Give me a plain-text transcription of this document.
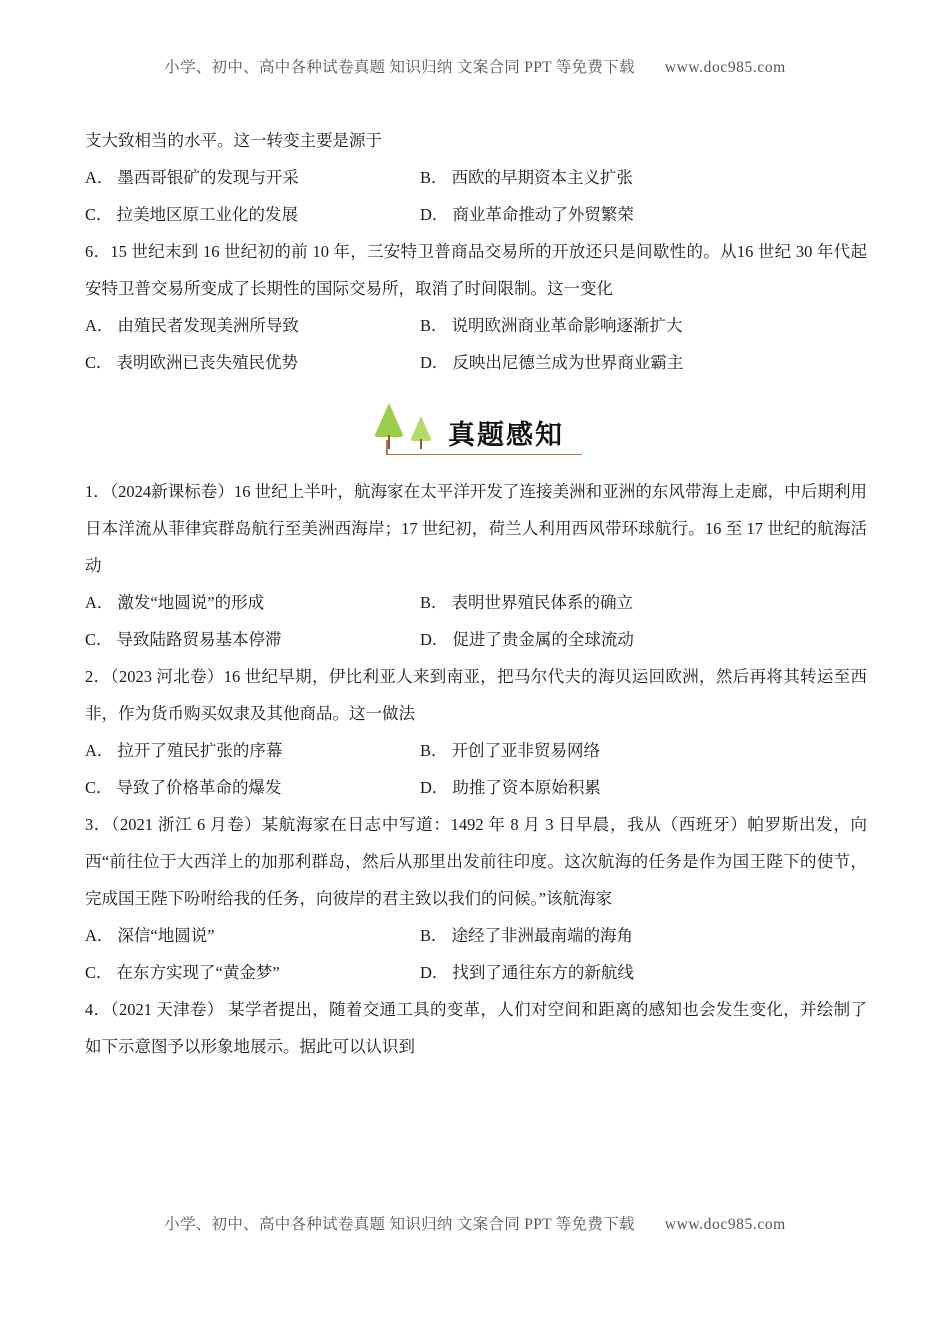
小学、初中、高中各种试卷真题 知识归纳 文案合同 PPT 等免费下载 www.doc985.com

支大致相当的水平。这一转变主要是源于

A． 墨西哥银矿的发现与开采	B． 西欧的早期资本主义扩张
C． 拉美地区原工业化的发展	D． 商业革命推动了外贸繁荣

6．15 世纪末到 16 世纪初的前 10 年，三安特卫普商品交易所的开放还只是间歇性的。从16 世纪 30 年代起安特卫普交易所变成了长期性的国际交易所，取消了时间限制。这一变化

A． 由殖民者发现美洲所导致	B． 说明欧洲商业革命影响逐渐扩大
C． 表明欧洲已丧失殖民优势	D． 反映出尼德兰成为世界商业霸主
真题感知

1．（2024新课标卷）16 世纪上半叶，航海家在太平洋开发了连接美洲和亚洲的东风带海上走廊，中后期利用日本洋流从菲律宾群岛航行至美洲西海岸；17 世纪初，荷兰人利用西风带环球航行。16 至 17 世纪的航海活动

A． 激发“地圆说”的形成	B． 表明世界殖民体系的确立
C． 导致陆路贸易基本停滞	D． 促进了贵金属的全球流动

2．（2023 河北卷）16 世纪早期，伊比利亚人来到南亚，把马尔代夫的海贝运回欧洲，然后再将其转运至西非，作为货币购买奴隶及其他商品。这一做法

A． 拉开了殖民扩张的序幕	B． 开创了亚非贸易网络
C． 导致了价格革命的爆发	D． 助推了资本原始积累

3．（2021 浙江 6 月卷）某航海家在日志中写道：1492 年 8 月 3 日早晨，我从（西班牙）帕罗斯出发，向西“前往位于大西洋上的加那利群岛，然后从那里出发前往印度。这次航海的任务是作为国王陛下的使节，完成国王陛下吩咐给我的任务，向彼岸的君主致以我们的问候。”该航海家

A． 深信“地圆说”	B． 途经了非洲最南端的海角
C． 在东方实现了“黄金梦”	D． 找到了通往东方的新航线

4．（2021 天津卷） 某学者提出，随着交通工具的变革，人们对空间和距离的感知也会发生变化，并绘制了如下示意图予以形象地展示。据此可以认识到

小学、初中、高中各种试卷真题 知识归纳 文案合同 PPT 等免费下载 www.doc985.com
